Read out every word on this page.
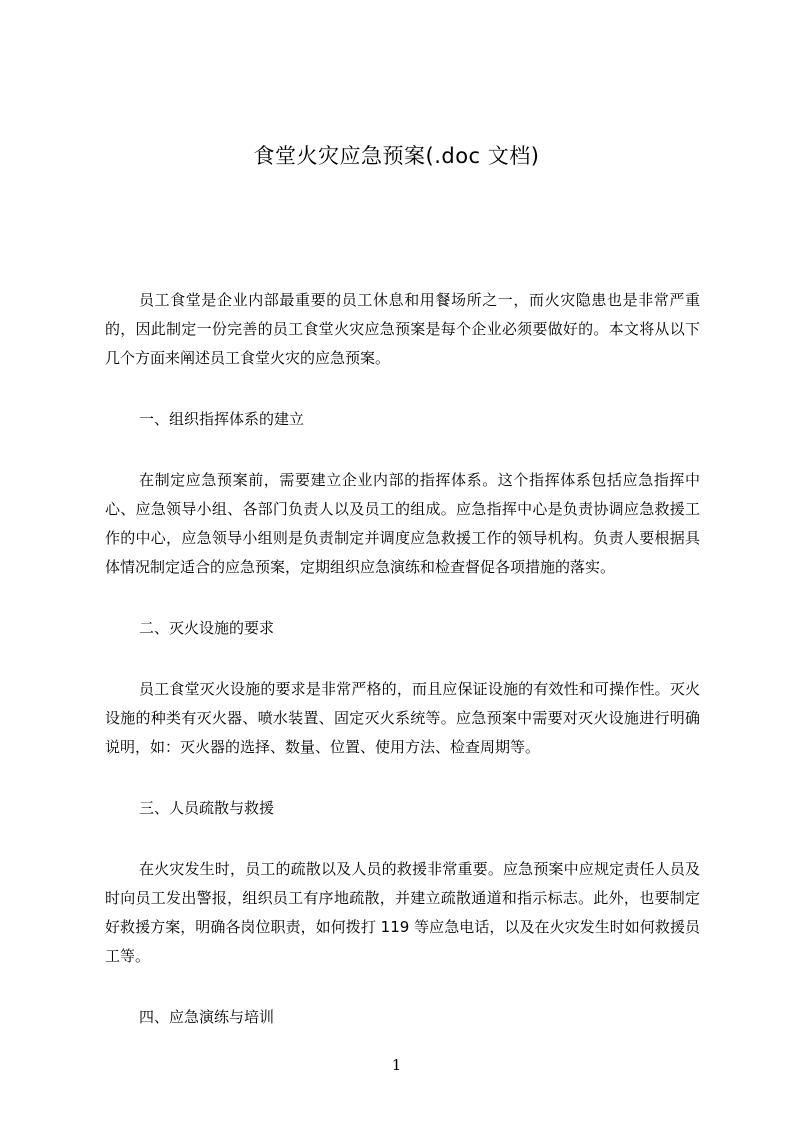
食堂火灾应急预案(.doc 文档)

员工食堂是企业内部最重要的员工休息和用餐场所之一，而火灾隐患也是非常严重的，因此制定一份完善的员工食堂火灾应急预案是每个企业必须要做好的。本文将从以下几个方面来阐述员工食堂火灾的应急预案。

一、组织指挥体系的建立

在制定应急预案前，需要建立企业内部的指挥体系。这个指挥体系包括应急指挥中心、应急领导小组、各部门负责人以及员工的组成。应急指挥中心是负责协调应急救援工作的中心，应急领导小组则是负责制定并调度应急救援工作的领导机构。负责人要根据具体情况制定适合的应急预案，定期组织应急演练和检查督促各项措施的落实。

二、灭火设施的要求

员工食堂灭火设施的要求是非常严格的，而且应保证设施的有效性和可操作性。灭火设施的种类有灭火器、喷水装置、固定灭火系统等。应急预案中需要对灭火设施进行明确说明，如：灭火器的选择、数量、位置、使用方法、检查周期等。

三、人员疏散与救援

在火灾发生时，员工的疏散以及人员的救援非常重要。应急预案中应规定责任人员及时向员工发出警报，组织员工有序地疏散，并建立疏散通道和指示标志。此外，也要制定好救援方案，明确各岗位职责，如何拨打 119 等应急电话，以及在火灾发生时如何救援员工等。

四、应急演练与培训

1
